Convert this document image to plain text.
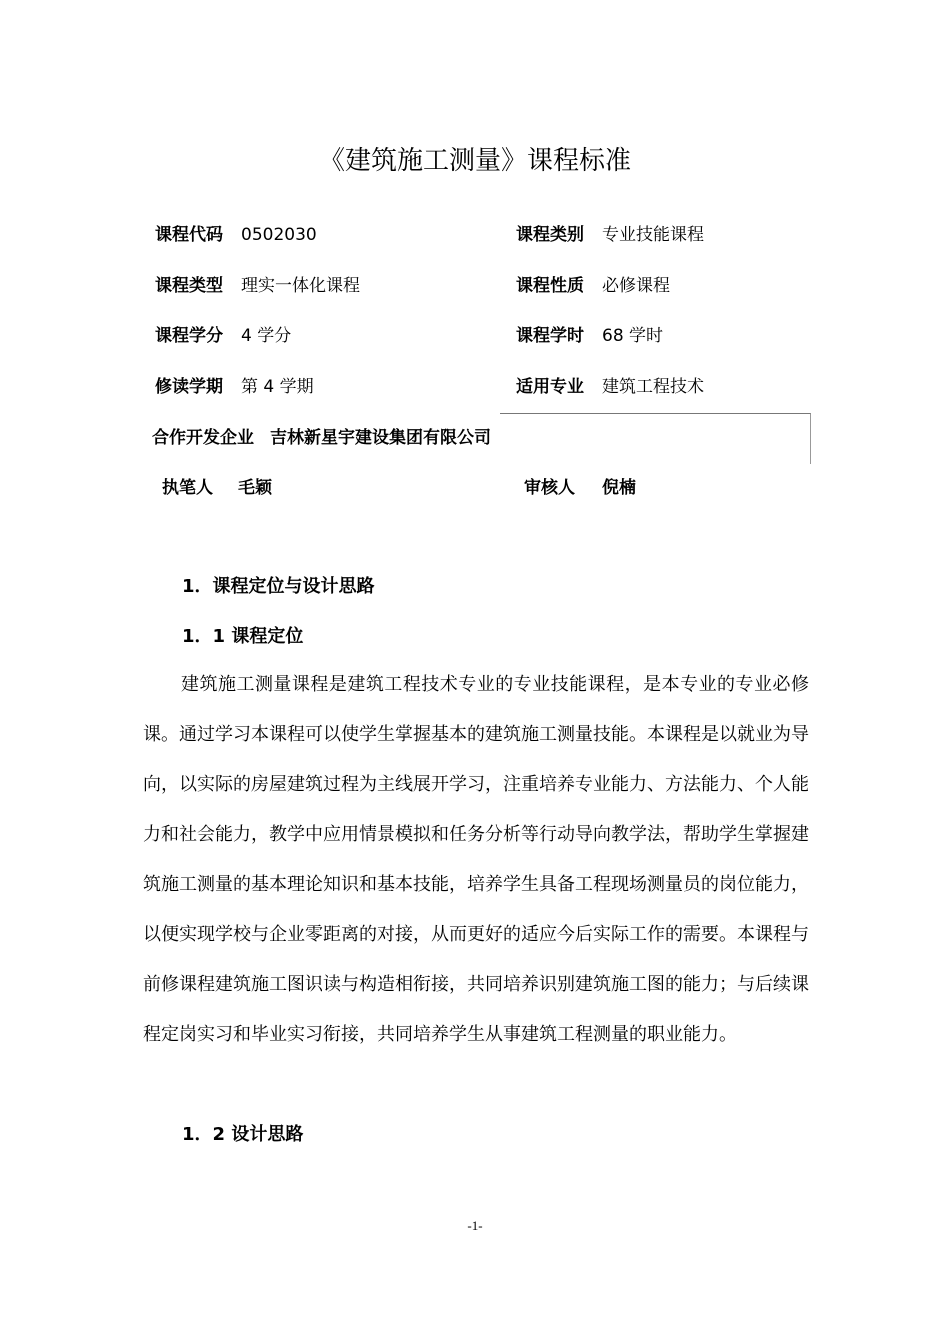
《建筑施工测量》课程标准
课程代码 0502030	课程类别 专业技能课程
课程类型 理实一体化课程	课程性质 必修课程
课程学分 4 学分	课程学时 68 学时
修读学期 第 4 学期	适用专业 建筑工程技术
合作开发企业 吉林新星宇建设集团有限公司
执笔人 毛颖	审核人 倪楠
1．课程定位与设计思路
1．1 课程定位

建筑施工测量课程是建筑工程技术专业的专业技能课程，是本专业的专业必修课。通过学习本课程可以使学生掌握基本的建筑施工测量技能。本课程是以就业为导向，以实际的房屋建筑过程为主线展开学习，注重培养专业能力、方法能力、个人能力和社会能力，教学中应用情景模拟和任务分析等行动导向教学法，帮助学生掌握建筑施工测量的基本理论知识和基本技能，培养学生具备工程现场测量员的岗位能力，以便实现学校与企业零距离的对接，从而更好的适应今后实际工作的需要。本课程与前修课程建筑施工图识读与构造相衔接，共同培养识别建筑施工图的能力；与后续课程定岗实习和毕业实习衔接，共同培养学生从事建筑工程测量的职业能力。

1．2 设计思路
-1-
